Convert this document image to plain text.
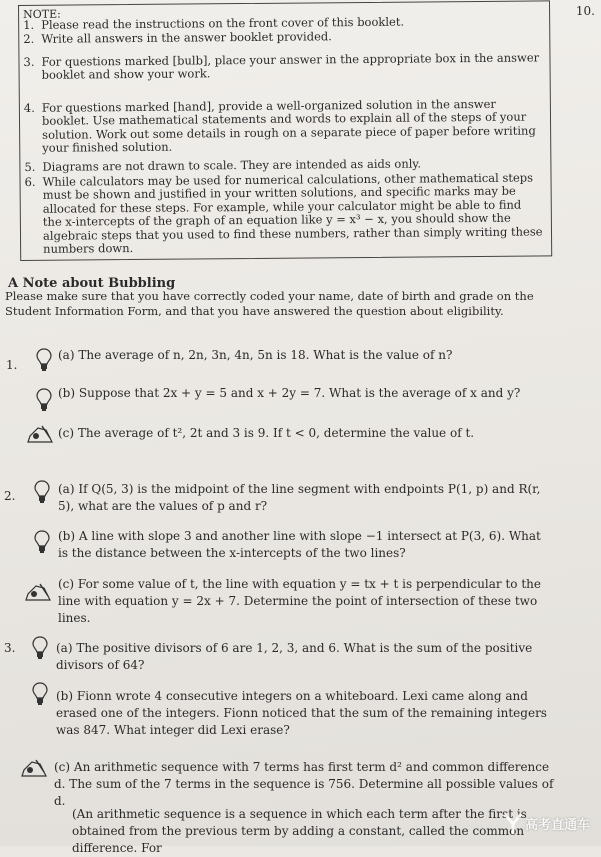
10.
NOTE:
1. Please read the instructions on the front cover of this booklet.
2. Write all answers in the answer booklet provided.
3. For questions marked [bulb], place your answer in the appropriate box in the answer booklet and show your work.
4. For questions marked [hand], provide a well-organized solution in the answer booklet. Use mathematical statements and words to explain all of the steps of your solution. Work out some details in rough on a separate piece of paper before writing your finished solution.
5. Diagrams are not drawn to scale. They are intended as aids only.
6. While calculators may be used for numerical calculations, other mathematical steps must be shown and justified in your written solutions, and specific marks may be allocated for these steps. For example, while your calculator might be able to find the x-intercepts of the graph of an equation like y = x³ − x, you should show the algebraic steps that you used to find these numbers, rather than simply writing these numbers down.
A Note about Bubbling
Please make sure that you have correctly coded your name, date of birth and grade on the Student Information Form, and that you have answered the question about eligibility.
1.
(a) The average of n, 2n, 3n, 4n, 5n is 18. What is the value of n?
(b) Suppose that 2x + y = 5 and x + 2y = 7. What is the average of x and y?
(c) The average of t², 2t and 3 is 9. If t < 0, determine the value of t.
2.	(a) If Q(5, 3) is the midpoint of the line segment with endpoints P(1, p) and R(r, 5), what are the values of p and r?
(b) A line with slope 3 and another line with slope −1 intersect at P(3, 6). What is the distance between the x-intercepts of the two lines?
(c) For some value of t, the line with equation y = tx + t is perpendicular to the line with equation y = 2x + 7. Determine the point of intersection of these two lines.
3.	(a) The positive divisors of 6 are 1, 2, 3, and 6. What is the sum of the positive divisors of 64?
(b) Fionn wrote 4 consecutive integers on a whiteboard. Lexi came along and erased one of the integers. Fionn noticed that the sum of the remaining integers was 847. What integer did Lexi erase?
(c) An arithmetic sequence with 7 terms has first term d² and common difference d. The sum of the 7 terms in the sequence is 756. Determine all possible values of d.
(An arithmetic sequence is a sequence in which each term after the first is obtained from the previous term by adding a constant, called the common difference. For
高考直通车
